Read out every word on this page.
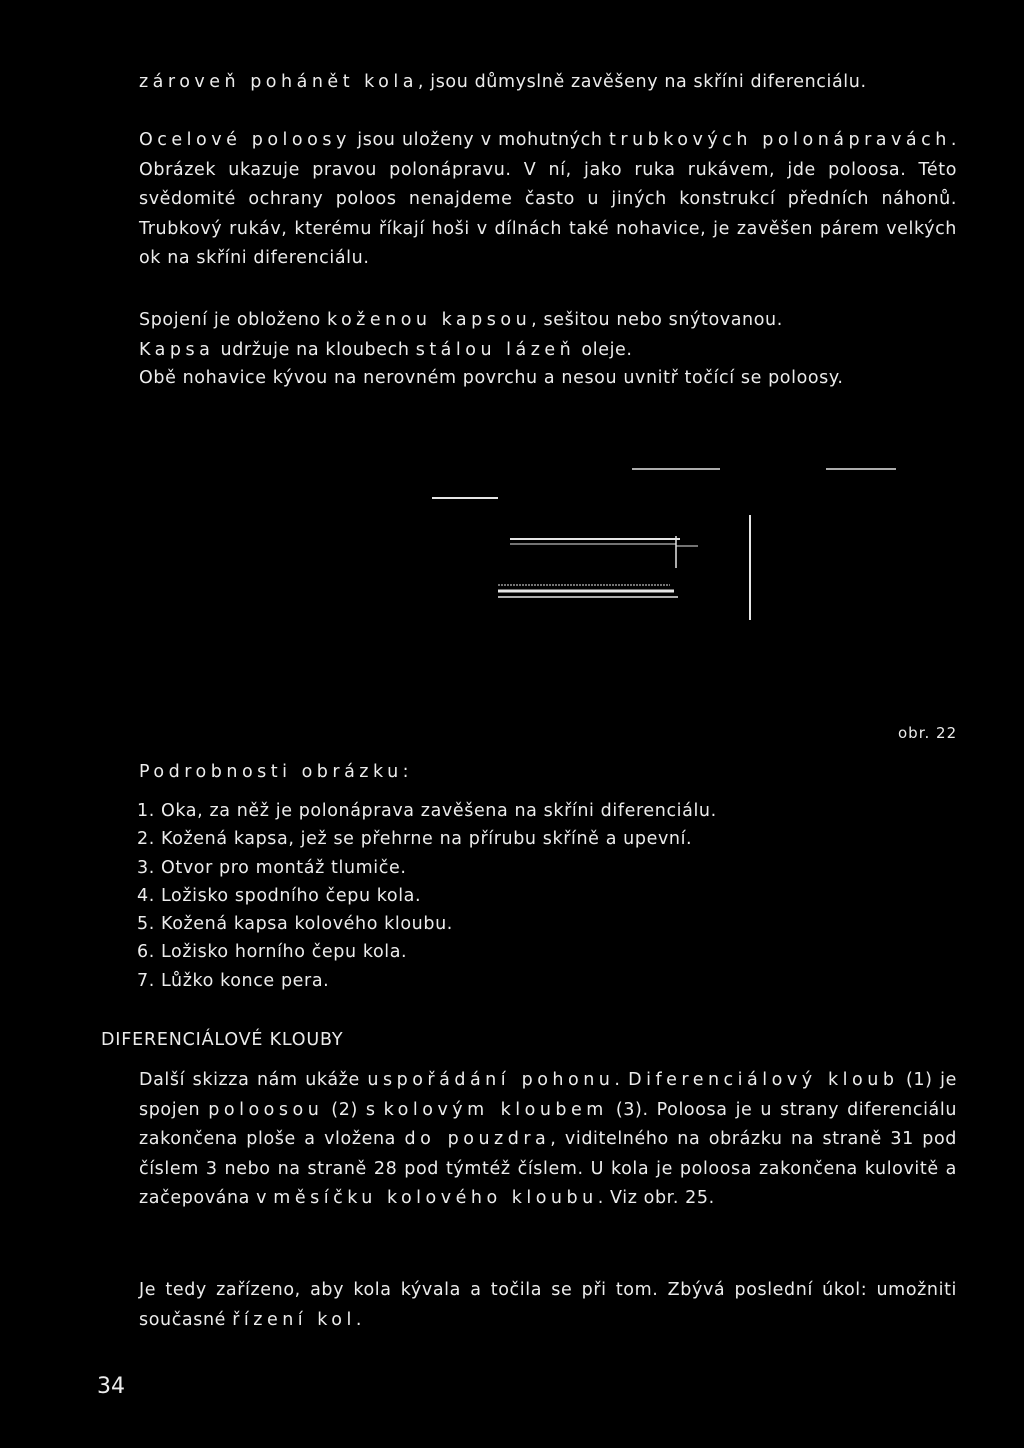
zároveň pohánět kola, jsou důmyslně zavěšeny na skříni diferenciálu.

Ocelové poloosy jsou uloženy v mohutných trubkových polonápravách. Obrázek ukazuje pravou polonápravu. V ní, jako ruka rukávem, jde poloosa. Této svědomité ochrany poloos nenajdeme často u jiných konstrukcí předních náhonů. Trubkový rukáv, kterému říkají hoši v dílnách také nohavice, je zavěšen párem velkých ok na skříni diferenciálu.

Spojení je obloženo koženou kapsou, sešitou nebo snýtovanou.

Kapsa udržuje na kloubech stálou lázeň oleje.

Obě nohavice kývou na nerovném povrchu a nesou uvnitř točící se poloosy.

obr. 22

Podrobnosti obrázku:

1. Oka, za něž je polonáprava zavěšena na skříni diferenciálu.
2. Kožená kapsa, jež se přehrne na přírubu skříně a upevní.
3. Otvor pro montáž tlumiče.
4. Ložisko spodního čepu kola.
5. Kožená kapsa kolového kloubu.
6. Ložisko horního čepu kola.
7. Lůžko konce pera.
DIFERENCIÁLOVÉ KLOUBY

Další skizza nám ukáže uspořádání pohonu. Diferenciálový kloub (1) je spojen poloosou (2) s kolovým kloubem (3). Poloosa je u strany diferenciálu zakončena ploše a vložena do pouzdra, viditelného na obrázku na straně 31 pod číslem 3 nebo na straně 28 pod týmtéž číslem. U kola je poloosa zakončena kulovitě a začepována v měsíčku kolového kloubu. Viz obr. 25.

Je tedy zařízeno, aby kola kývala a točila se při tom. Zbývá poslední úkol: umožniti současné řízení kol.

34
